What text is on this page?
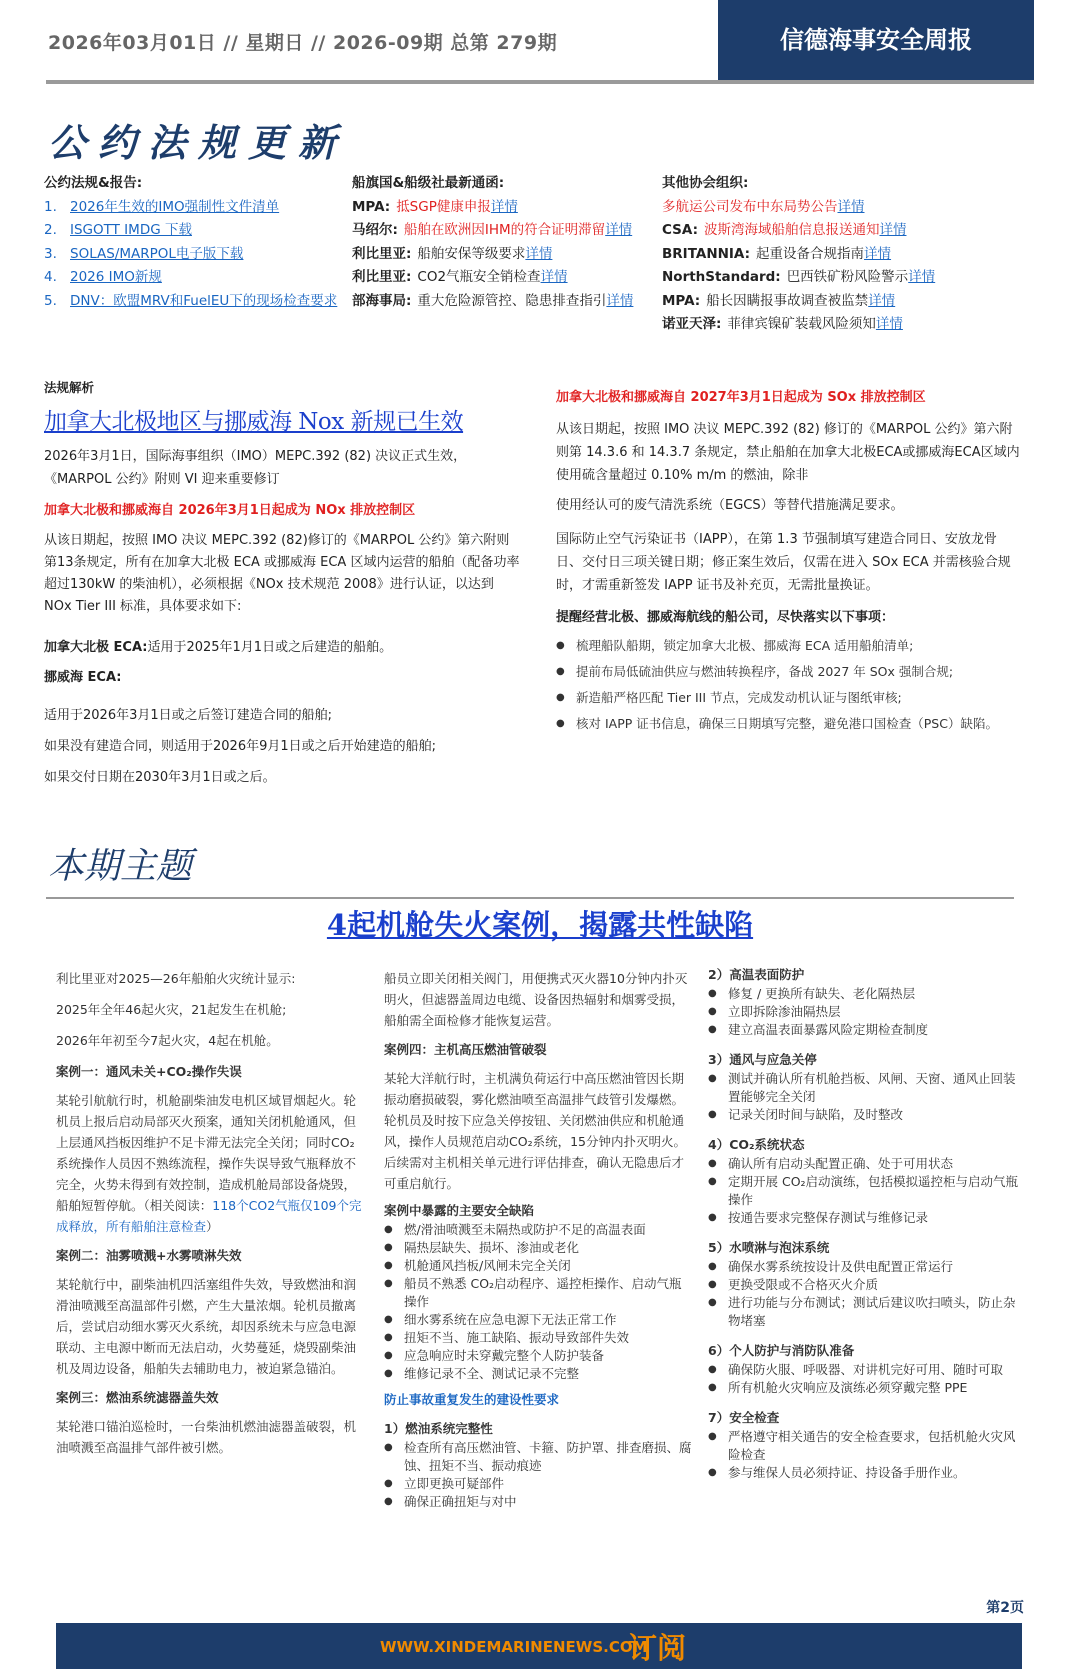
2026年03月01日 // 星期日 // 2026-09期 总第 279期	信德海事安全周报
公约法规更新
公约法规&报告:
1. 2026年生效的IMO强制性文件清单
2. ISGOTT IMDG 下载
3. SOLAS/MARPOL电子版下载
4. 2026 IMO新规
5. DNV：欧盟MRV和FuelEU下的现场检查要求
船旗国&船级社最新通函:
MPA: 抵SGP健康申报详情
马绍尔: 船舶在欧洲因IHM的符合证明滞留详情
利比里亚: 船舶安保等级要求详情
利比里亚: CO2气瓶安全销检查详情
部海事局: 重大危险源管控、隐患排查指引详情
其他协会组织:
多航运公司发布中东局势公告详情
CSA: 波斯湾海域船舶信息报送通知详情
BRITANNIA: 起重设备合规指南详情
NorthStandard: 巴西铁矿粉风险警示详情
MPA: 船长因瞒报事故调查被监禁详情
诺亚天泽: 菲律宾镍矿装载风险须知详情
法规解析
加拿大北极地区与挪威海 Nox 新规已生效
2026年3月1日，国际海事组织（IMO）MEPC.392 (82) 决议正式生效，《MARPOL 公约》附则 VI 迎来重要修订
加拿大北极和挪威海自 2026年3月1日起成为 NOx 排放控制区
从该日期起，按照 IMO 决议 MEPC.392 (82)修订的《MARPOL 公约》第六附则第13条规定，所有在加拿大北极 ECA 或挪威海 ECA 区域内运营的船舶（配备功率超过130kW 的柴油机），必须根据《NOx 技术规范 2008》进行认证，以达到 NOx Tier III 标准，具体要求如下:
加拿大北极 ECA:适用于2025年1月1日或之后建造的船舶。
挪威海 ECA:
适用于2026年3月1日或之后签订建造合同的船舶;
如果没有建造合同，则适用于2026年9月1日或之后开始建造的船舶;
如果交付日期在2030年3月1日或之后。
加拿大北极和挪威海自 2027年3月1日起成为 SOx 排放控制区
从该日期起，按照 IMO 决议 MEPC.392 (82) 修订的《MARPOL 公约》第六附则第 14.3.6 和 14.3.7 条规定，禁止船舶在加拿大北极ECA或挪威海ECA区域内使用硫含量超过 0.10% m/m 的燃油，除非
使用经认可的废气清洗系统（EGCS）等替代措施满足要求。
国际防止空气污染证书（IAPP），在第 1.3 节强制填写建造合同日、安放龙骨日、交付日三项关键日期；修正案生效后，仅需在进入 SOx ECA 并需核验合规时，才需重新签发 IAPP 证书及补充页，无需批量换证。
提醒经营北极、挪威海航线的船公司，尽快落实以下事项：
● 梳理船队船期，锁定加拿大北极、挪威海 ECA 适用船舶清单;
● 提前布局低硫油供应与燃油转换程序，备战 2027 年 SOx 强制合规;
● 新造船严格匹配 Tier III 节点，完成发动机认证与图纸审核;
● 核对 IAPP 证书信息，确保三日期填写完整，避免港口国检查（PSC）缺陷。
本期主题
4起机舱失火案例，揭露共性缺陷
利比里亚对2025—26年船舶火灾统计显示:
2025年全年46起火灾，21起发生在机舱;
2026年年初至今7起火灾，4起在机舱。
案例一：通风未关+CO₂操作失误
某轮引航航行时，机舱副柴油发电机区域冒烟起火。轮机员上报后启动局部灭火预案，通知关闭机舱通风，但上层通风挡板因维护不足卡滞无法完全关闭；同时CO₂系统操作人员因不熟练流程，操作失误导致气瓶释放不完全，火势未得到有效控制，造成机舱局部设备烧毁，船舶短暂停航。（相关阅读：118个CO2气瓶仅109个完成释放，所有船舶注意检查）
案例二：油雾喷溅+水雾喷淋失效
某轮航行中，副柴油机四活塞组件失效，导致燃油和润滑油喷溅至高温部件引燃，产生大量浓烟。轮机员撤离后，尝试启动细水雾灭火系统，却因系统未与应急电源联动、主电源中断而无法启动，火势蔓延，烧毁副柴油机及周边设备，船舶失去辅助电力，被迫紧急锚泊。
案例三：燃油系统滤器盖失效
某轮港口锚泊巡检时，一台柴油机燃油滤器盖破裂，机油喷溅至高温排气部件被引燃。
船员立即关闭相关阀门，用便携式灭火器10分钟内扑灭明火，但滤器盖周边电缆、设备因热辐射和烟雾受损，船舶需全面检修才能恢复运营。
案例四：主机高压燃油管破裂
某轮大洋航行时，主机满负荷运行中高压燃油管因长期振动磨损破裂，雾化燃油喷至高温排气歧管引发爆燃。轮机员及时按下应急关停按钮、关闭燃油供应和机舱通风，操作人员规范启动CO₂系统，15分钟内扑灭明火。后续需对主机相关单元进行评估排查，确认无隐患后才可重启航行。
案例中暴露的主要安全缺陷
● 燃/滑油喷溅至未隔热或防护不足的高温表面
● 隔热层缺失、损坏、渗油或老化
● 机舱通风挡板/风闸未完全关闭
● 船员不熟悉 CO₂启动程序、遥控柜操作、启动气瓶操作
● 细水雾系统在应急电源下无法正常工作
● 扭矩不当、施工缺陷、振动导致部件失效
● 应急响应时未穿戴完整个人防护装备
● 维修记录不全、测试记录不完整
防止事故重复发生的建设性要求
1）燃油系统完整性
● 检查所有高压燃油管、卡箍、防护罩、排查磨损、腐蚀、扭矩不当、振动痕迹
● 立即更换可疑部件
● 确保正确扭矩与对中
2）高温表面防护
● 修复 / 更换所有缺失、老化隔热层
● 立即拆除渗油隔热层
● 建立高温表面暴露风险定期检查制度
3）通风与应急关停
● 测试并确认所有机舱挡板、风闸、天窗、通风止回装置能够完全关闭
● 记录关闭时间与缺陷，及时整改
4）CO₂系统状态
● 确认所有启动头配置正确、处于可用状态
● 定期开展 CO₂启动演练，包括模拟遥控柜与启动气瓶操作
● 按通告要求完整保存测试与维修记录
5）水喷淋与泡沫系统
● 确保水雾系统按设计及供电配置正常运行
● 更换受限或不合格灭火介质
● 进行功能与分布测试；测试后建议吹扫喷头，防止杂物堵塞
6）个人防护与消防队准备
● 确保防火服、呼吸器、对讲机完好可用、随时可取
● 所有机舱火灾响应及演练必须穿戴完整 PPE
7）安全检查
● 严格遵守相关通告的安全检查要求，包括机舱火灾风险检查
● 参与维保人员必须持证、持设备手册作业。
第2页
WWW.XINDEMARINENEWS.COM
订阅
